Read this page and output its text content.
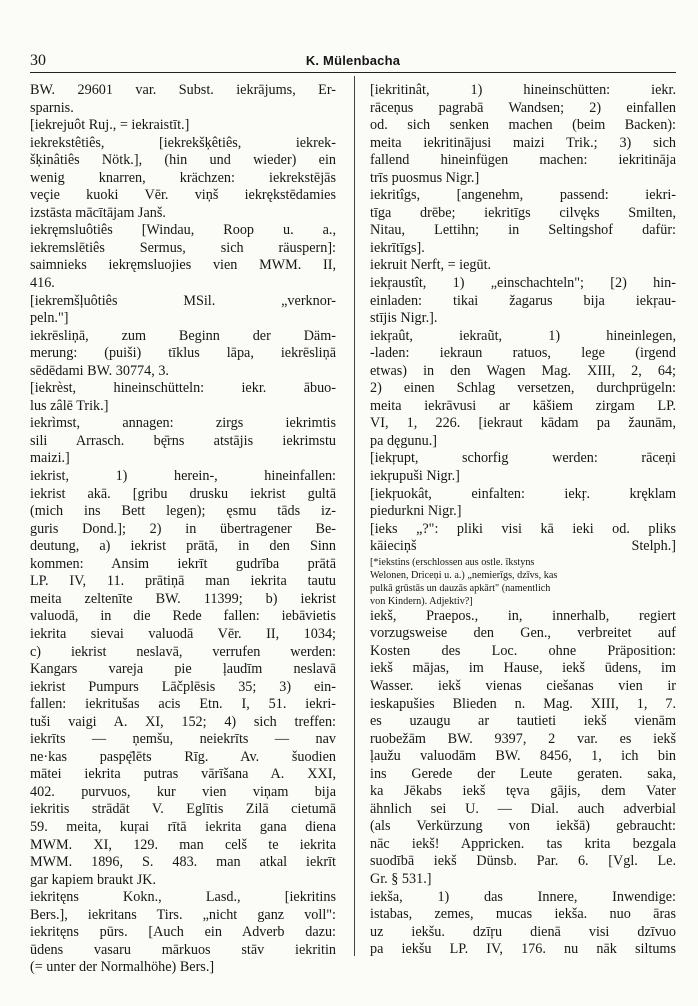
30	K. Mülenbacha
BW. 29601 var. Subst. iekrājums, Er-
sparnis.
[iekrejuôt Ruj., = iekraistīt.]
iekrekstêtiês, [iekrekšķêtiês, iekrek-
šķinâtiês Nötk.], (hin und wieder) ein
wenig knarren, krächzen: iekrekstējās
veçie kuoki Vēr. viņš iekrękstēdamies
izstāsta mācītājam Janš.
iekręmsluôtiês [Windau, Roop u. a.,
iekremslētiês Sermus, sich räuspern]:
saimnieks iekręmsluojies vien MWM. II,
416.
[iekremšļuôtiês MSil. „verknor-
peln."]
iekrēsliņā, zum Beginn der Däm-
merung: (puiši) tīklus lāpa, iekrēsliņā
sēdēdami BW. 30774, 3.
[iekrèst, hineinschütteln: iekr. ābuo-
lus zâlē Trik.]
iekrìmst, annagen: zirgs iekrimtis
sili Arrasch. bę̄rns atstājis iekrimstu
maizi.]
iekrist, 1) herein-, hineinfallen:
iekrist akā. [gribu drusku iekrist gultā
(mich ins Bett legen); ęsmu tāds iz-
guris Dond.]; 2) in übertragener Be-
deutung, a) iekrist prātā, in den Sinn
kommen: Ansim iekrīt gudrība prātā
LP. IV, 11. prātiņā man iekrita tautu
meita zeltenīte BW. 11399; b) iekrist
valuodā, in die Rede fallen: iebāvietis
iekrita sievai valuodā Vēr. II, 1034;
c) iekrist neslavā, verrufen werden:
Kangars vareja pie ļaudīm neslavā
iekrist Pumpurs Lāčplēsis 35; 3) ein-
fallen: iekritušas acis Etn. I, 51. iekri-
tuši vaigi A. XI, 152; 4) sich treffen:
iekrīts — ņemšu, neiekrīts — nav
ne·kas paspę̄lēts Rīg. Av. šuodien
mātei iekrita putras vārīšana A. XXI,
402. purvuos, kur vien viņam bija
iekritis strādāt V. Eglītis Zilā cietumā
59. meita, kuŗai rītā iekrita gana diena
MWM. XI, 129. man celš te iekrita
MWM. 1896, S. 483. man atkal iekrīt
gar kapiem braukt JK.
iekritęns Kokn., Lasd., [iekritins
Bers.], iekritans Tirs. „nicht ganz voll":
iekritęns pūrs. [Auch ein Adverb dazu:
ūdens vasaru mārkuos stāv iekritin
(= unter der Normalhöhe) Bers.]
[iekritinât, 1) hineinschütten: iekr.
rāceņus pagrabā Wandsen; 2) einfallen
od. sich senken machen (beim Backen):
meita iekritinājusi maizi Trik.; 3) sich
fallend hineinfügen machen: iekritināja
trīs puosmus Nigr.]
iekritîgs, [angenehm, passend: iekri-
tīga drēbe; iekritīgs cilvęks Smilten,
Nitau, Lettihn; in Seltingshof dafür:
iekrītīgs].
iekruit Nerft, = iegūt.
iekŗaustît, 1) „einschachteln"; [2) hin-
einladen: tikai žagarus bija iekŗau-
stījis Nigr.].
iekŗaût, iekraũt, 1) hineinlegen,
-laden: iekraun ratuos, lege (irgend
etwas) in den Wagen Mag. XIII, 2, 64;
2) einen Schlag versetzen, durchprügeln:
meita iekrāvusi ar kāšiem zirgam LP.
VI, 1, 226. [iekraut kādam pa žaunām,
pa dęgunu.]
[iekŗupt, schorfig werden: rāceņi
iekŗupuši Nigr.]
[iekŗuokât, einfalten: iekŗ. kręklam
piedurkni Nigr.]
[ieks „?": pliki visi kā ieki od. pliks
kāieciņš Stelph.]
[*iekstins (erschlossen aus ostle. īkstyns
Welonen, Driceņi u. a.) „nemierīgs, dzīvs, kas
pulkā grūstās un dauzās apkārt" (namentlich
von Kindern). Adjektiv?]
iekš, Praepos., in, innerhalb, regiert
vorzugsweise den Gen., verbreitet auf
Kosten des Loc. ohne Präposition:
iekš mājas, im Hause, iekš ūdens, im
Wasser. iekš vienas ciešanas vien ir
ieskapušies Blieden n. Mag. XIII, 1, 7.
es uzaugu ar tautieti iekš vienām
ruobežām BW. 9397, 2 var. es iekš
ļaužu valuodām BW. 8456, 1, ich bin
ins Gerede der Leute geraten. saka,
ka Jēkabs iekš tęva gājis, dem Vater
ähnlich sei U. — Dial. auch adverbial
(als Verkürzung von iekšā) gebraucht:
nāc iekš! Appricken. tas krita bezgala
suodībā iekš Dünsb. Par. 6. [Vgl. Le.
Gr. § 531.]
iekša, 1) das Innere, Inwendige:
istabas, zemes, mucas iekša. nuo āras
uz iekšu. dzīŗu dienā visi dzīvuo
pa iekšu LP. IV, 176. nu nāk siltums
